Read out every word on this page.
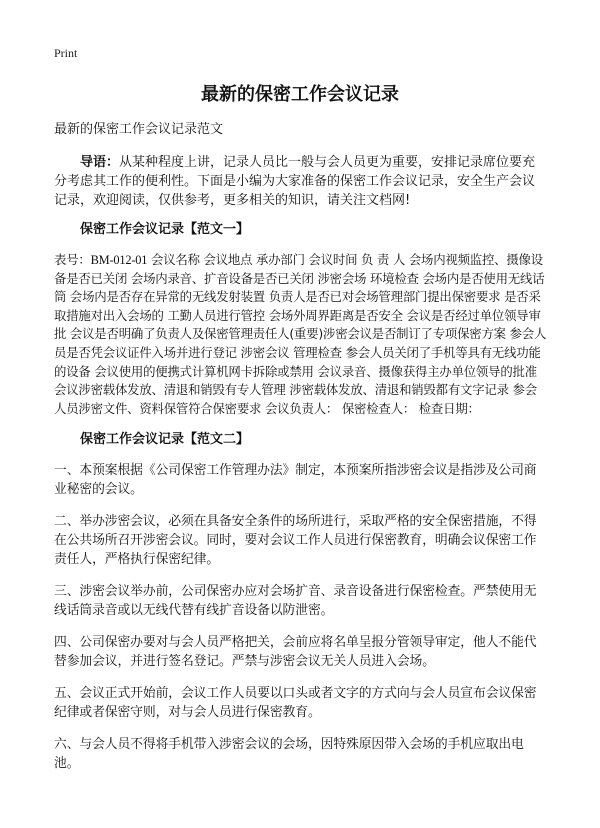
Print
最新的保密工作会议记录

最新的保密工作会议记录范文

导语：从某种程度上讲，记录人员比一般与会人员更为重要，安排记录席位要充分考虑其工作的便利性。下面是小编为大家准备的保密工作会议记录，安全生产会议记录，欢迎阅读，仅供参考，更多相关的知识，请关注文档网!

保密工作会议记录【范文一】

表号：BM-012-01 会议名称 会议地点 承办部门 会议时间 负 责 人 会场内视频监控、摄像设备是否已关闭 会场内录音、扩音设备是否已关闭 涉密会场 环境检查 会场内是否使用无线话筒 会场内是否存在异常的无线发射装置 负责人是否已对会场管理部门提出保密要求 是否采取措施对出入会场的 工勤人员进行管控 会场外周界距离是否安全 会议是否经过单位领导审批 会议是否明确了负责人及保密管理责任人(重要)涉密会议是否制订了专项保密方案 参会人员是否凭会议证件入场并进行登记 涉密会议 管理检查 参会人员关闭了手机等具有无线功能的设备 会议使用的便携式计算机网卡拆除或禁用 会议录音、摄像获得主办单位领导的批准 会议涉密载体发放、清退和销毁有专人管理 涉密载体发放、清退和销毁都有文字记录 参会人员涉密文件、资料保管符合保密要求 会议负责人： 保密检查人： 检查日期：

保密工作会议记录【范文二】

一、本预案根据《公司保密工作管理办法》制定，本预案所指涉密会议是指涉及公司商业秘密的会议。

二、举办涉密会议，必须在具备安全条件的场所进行，采取严格的安全保密措施，不得在公共场所召开涉密会议。同时，要对会议工作人员进行保密教育，明确会议保密工作责任人，严格执行保密纪律。

三、涉密会议举办前，公司保密办应对会场扩音、录音设备进行保密检查。严禁使用无线话筒录音或以无线代替有线扩音设备以防泄密。

四、公司保密办要对与会人员严格把关，会前应将名单呈报分管领导审定，他人不能代替参加会议，并进行签名登记。严禁与涉密会议无关人员进入会场。

五、会议正式开始前，会议工作人员要以口头或者文字的方式向与会人员宣布会议保密纪律或者保密守则，对与会人员进行保密教育。

六、与会人员不得将手机带入涉密会议的会场，因特殊原因带入会场的手机应取出电池。
